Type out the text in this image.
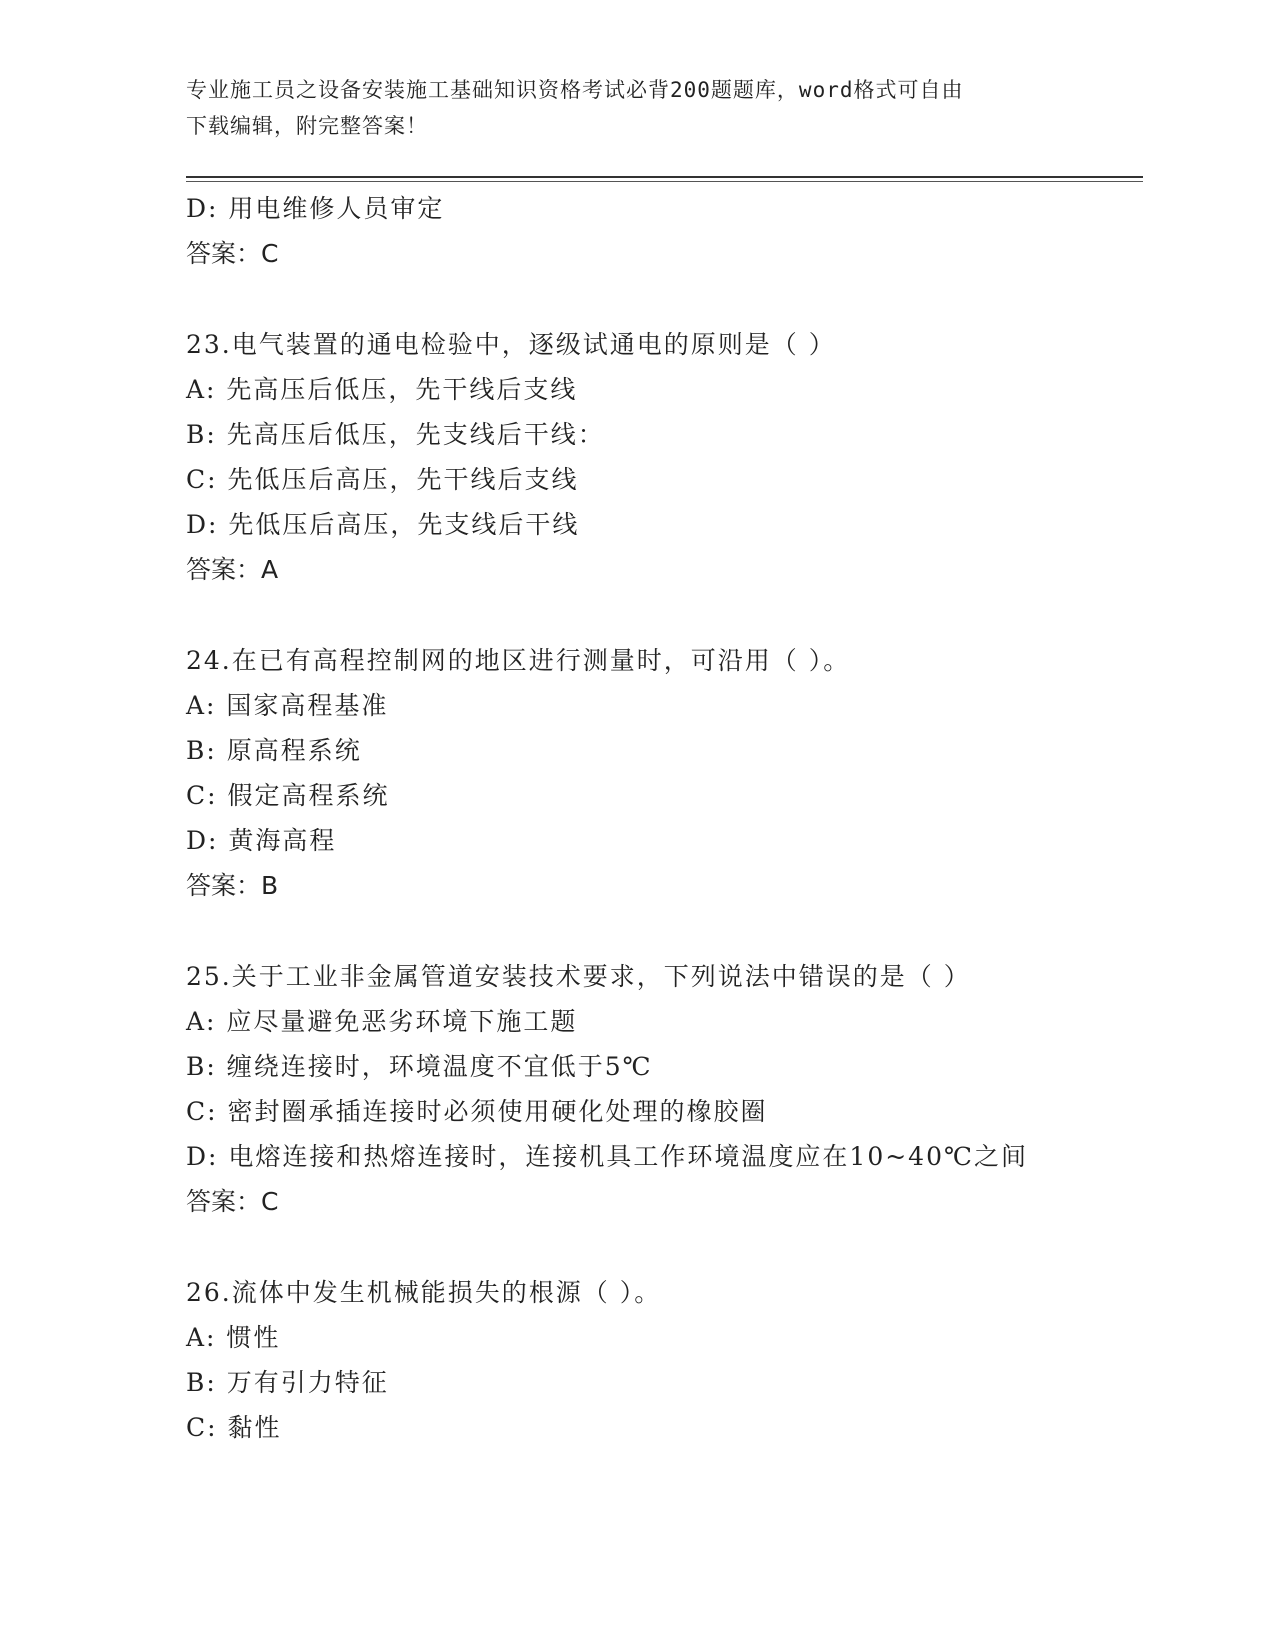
专业施工员之设备安装施工基础知识资格考试必背200题题库，word格式可自由
下载编辑，附完整答案！
D: 用电维修人员审定
答案：C
23.电气装置的通电检验中，逐级试通电的原则是（ ）
A: 先高压后低压，先干线后支线
B: 先高压后低压，先支线后干线：
C: 先低压后高压，先干线后支线
D: 先低压后高压，先支线后干线
答案：A
24.在已有高程控制网的地区进行测量时，可沿用（ ）。
A: 国家高程基准
B: 原高程系统
C: 假定高程系统
D: 黄海高程
答案：B
25.关于工业非金属管道安装技术要求，下列说法中错误的是（ ）
A: 应尽量避免恶劣环境下施工题
B: 缠绕连接时，环境温度不宜低于5℃
C: 密封圈承插连接时必须使用硬化处理的橡胶圈
D: 电熔连接和热熔连接时，连接机具工作环境温度应在10~40℃之间
答案：C
26.流体中发生机械能损失的根源（ ）。
A: 惯性
B: 万有引力特征
C: 黏性
